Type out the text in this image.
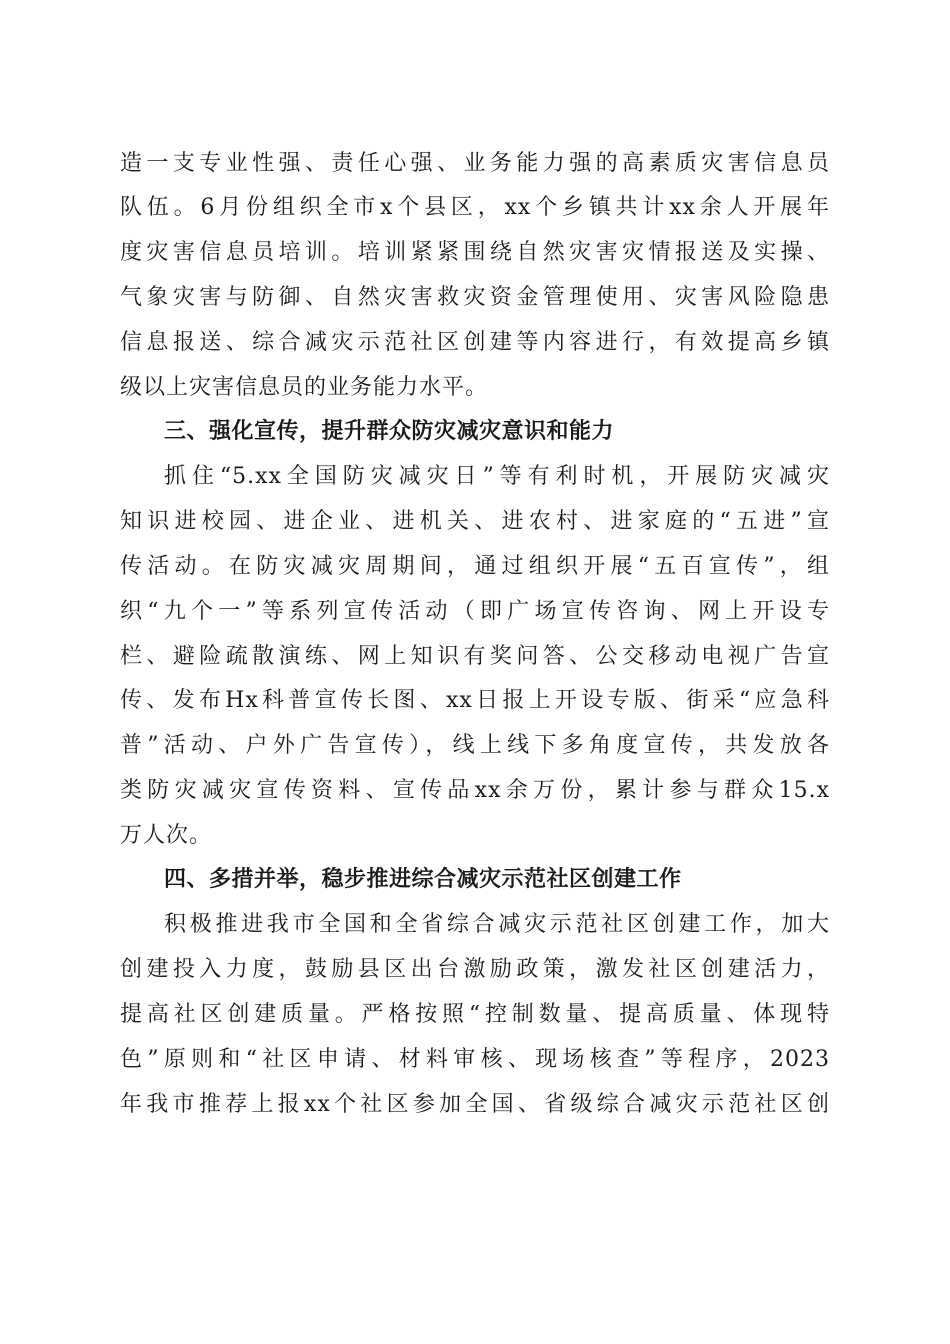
造一支专业性强、责任心强、业务能力强的高素质灾害信息员
队伍。6月份组织全市x个县区，xx个乡镇共计xx余人开展年
度灾害信息员培训。培训紧紧围绕自然灾害灾情报送及实操、
气象灾害与防御、自然灾害救灾资金管理使用、灾害风险隐患
信息报送、综合减灾示范社区创建等内容进行，有效提高乡镇
级以上灾害信息员的业务能力水平。
三、强化宣传，提升群众防灾减灾意识和能力
抓住“5.xx全国防灾减灾日”等有利时机，开展防灾减灾
知识进校园、进企业、进机关、进农村、进家庭的“五进”宣
传活动。在防灾减灾周期间，通过组织开展“五百宣传”，组
织“九个一”等系列宣传活动（即广场宣传咨询、网上开设专
栏、避险疏散演练、网上知识有奖问答、公交移动电视广告宣
传、发布Hx科普宣传长图、xx日报上开设专版、街采“应急科
普”活动、户外广告宣传），线上线下多角度宣传，共发放各
类防灾减灾宣传资料、宣传品xx余万份，累计参与群众15.x
万人次。
四、多措并举，稳步推进综合减灾示范社区创建工作
积极推进我市全国和全省综合减灾示范社区创建工作，加大
创建投入力度，鼓励县区出台激励政策，激发社区创建活力，
提高社区创建质量。严格按照“控制数量、提高质量、体现特
色”原则和“社区申请、材料审核、现场核查”等程序，2023
年我市推荐上报xx个社区参加全国、省级综合减灾示范社区创
